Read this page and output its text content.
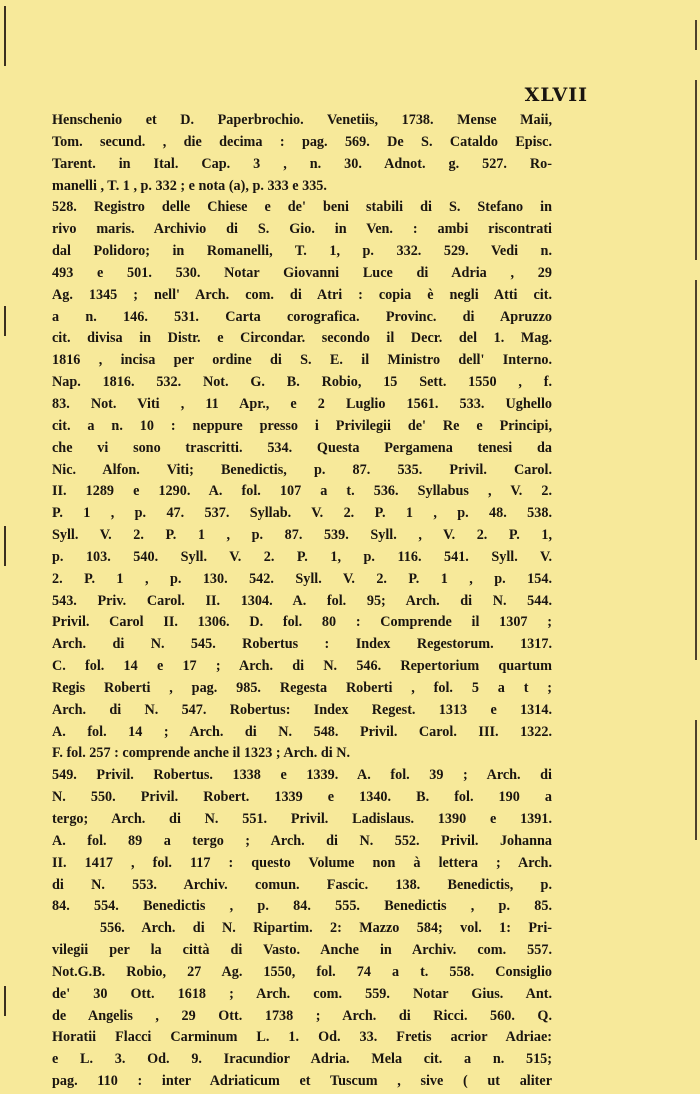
XLVII
Henschenio et D. Paperbrochio. Venetiis, 1738. Mense Maii,
Tom. secund. , die decima : pag. 569. De S. Cataldo Episc.
Tarent. in Ital. Cap. 3 , n. 30. Adnot. g. 527. Ro-
manelli , T. 1 , p. 332 ; e nota (a), p. 333 e 335.
528. Registro delle Chiese e de' beni stabili di S. Stefano in
rivo maris. Archivio di S. Gio. in Ven. : ambi riscontrati
dal Polidoro; in Romanelli, T. 1, p. 332. 529. Vedi n.
493 e 501. 530. Notar Giovanni Luce di Adria , 29
Ag. 1345 ; nell' Arch. com. di Atri : copia è negli Atti cit.
a n. 146. 531. Carta corografica. Provinc. di Apruzzo
cit. divisa in Distr. e Circondar. secondo il Decr. del 1. Mag.
1816 , incisa per ordine di S. E. il Ministro dell' Interno.
Nap. 1816. 532. Not. G. B. Robio, 15 Sett. 1550 , f.
83. Not. Viti , 11 Apr., e 2 Luglio 1561. 533. Ughello
cit. a n. 10 : neppure presso i Privilegii de' Re e Principi,
che vi sono trascritti. 534. Questa Pergamena tenesi da
Nic. Alfon. Viti; Benedictis, p. 87. 535. Privil. Carol.
II. 1289 e 1290. A. fol. 107 a t. 536. Syllabus , V. 2.
P. 1 , p. 47. 537. Syllab. V. 2. P. 1 , p. 48. 538.
Syll. V. 2. P. 1 , p. 87. 539. Syll. , V. 2. P. 1,
p. 103. 540. Syll. V. 2. P. 1, p. 116. 541. Syll. V.
2. P. 1 , p. 130. 542. Syll. V. 2. P. 1 , p. 154.
543. Priv. Carol. II. 1304. A. fol. 95; Arch. di N. 544.
Privil. Carol II. 1306. D. fol. 80 : Comprende il 1307 ;
Arch. di N. 545. Robertus : Index Regestorum. 1317.
C. fol. 14 e 17 ; Arch. di N. 546. Repertorium quartum
Regis Roberti , pag. 985. Regesta Roberti , fol. 5 a t ;
Arch. di N. 547. Robertus: Index Regest. 1313 e 1314.
A. fol. 14 ; Arch. di N. 548. Privil. Carol. III. 1322.
F. fol. 257 : comprende anche il 1323 ; Arch. di N.
549. Privil. Robertus. 1338 e 1339. A. fol. 39 ; Arch. di
N. 550. Privil. Robert. 1339 e 1340. B. fol. 190 a
tergo; Arch. di N. 551. Privil. Ladislaus. 1390 e 1391.
A. fol. 89 a tergo ; Arch. di N. 552. Privil. Johanna
II. 1417 , fol. 117 : questo Volume non à lettera ; Arch.
di N. 553. Archiv. comun. Fascic. 138. Benedictis, p.
84. 554. Benedictis , p. 84. 555. Benedictis , p. 85.
556. Arch. di N. Ripartim. 2: Mazzo 584; vol. 1: Pri-
vilegii per la città di Vasto. Anche in Archiv. com. 557.
Not.G.B. Robio, 27 Ag. 1550, fol. 74 a t. 558. Consiglio
de' 30 Ott. 1618 ; Arch. com. 559. Notar Gius. Ant.
de Angelis , 29 Ott. 1738 ; Arch. di Ricci. 560. Q.
Horatii Flacci Carminum L. 1. Od. 33. Fretis acrior Adriae:
e L. 3. Od. 9. Iracundior Adria. Mela cit. a n. 515;
pag. 110 : inter Adriaticum et Tuscum , sive ( ut aliter
